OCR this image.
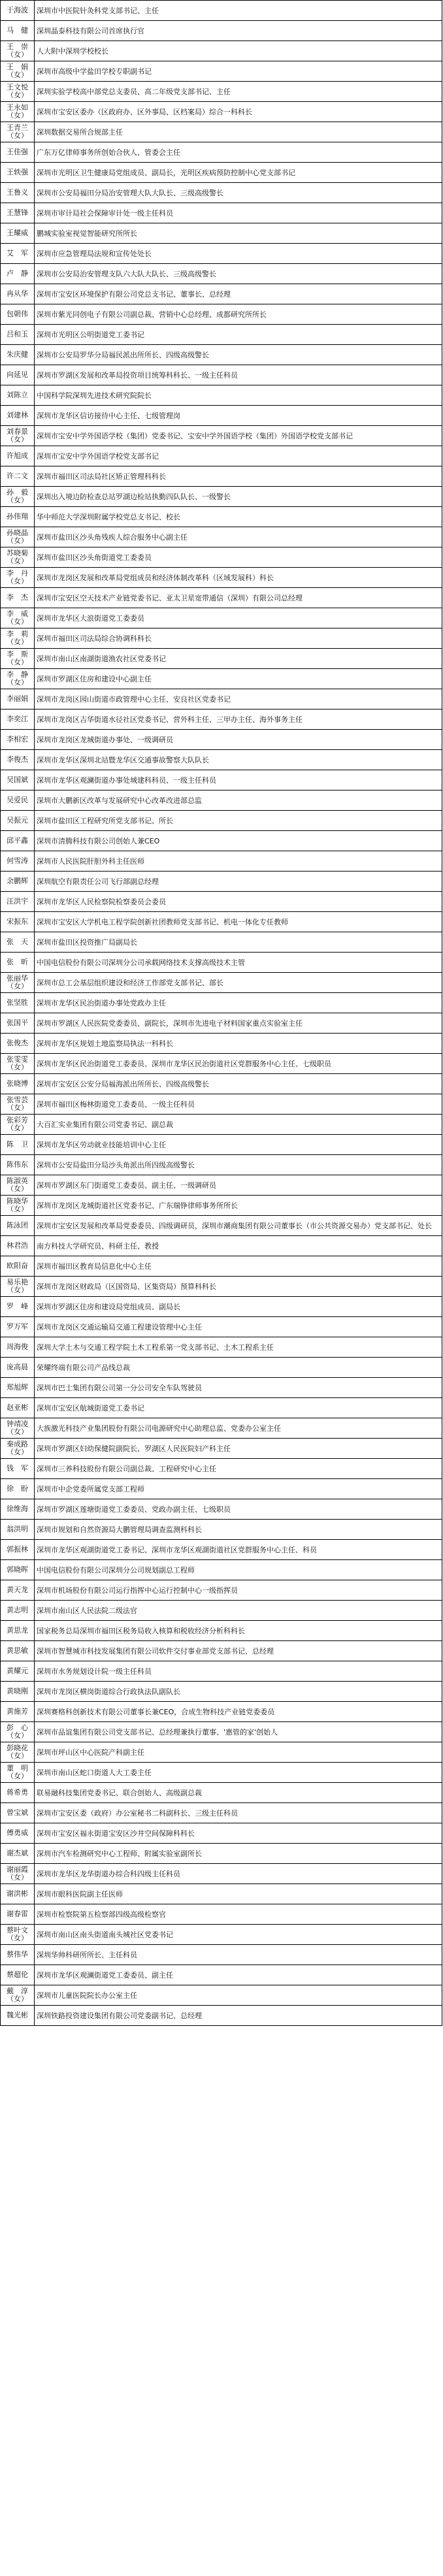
于海波	深圳市中医院针灸科党支部书记、主任
马　健	深圳晶泰科技有限公司首席执行官
王　崇
（女）	人大附中深圳学校校长
王　娟
（女）	深圳市高级中学盐田学校专职副书记
王文悦
（女）	深圳实验学校高中部党总支委员、高二年级党支部书记、主任
王永如
（女）	深圳市宝安区委办（区政府办、区外事局、区档案局）综合一科科长
王青兰
（女）	深圳数据交易所合规部主任
王佳强	广东万亿律师事务所创始合伙人、管委会主任
王轶强	深圳市光明区卫生健康局党组成员、副局长，光明区疾病预防控制中心党支部书记
王鲁义	深圳市公安局福田分局治安管理大队大队长、三级高级警长
王慧锋	深圳市审计局社会保障审计处一级主任科员
王耀威	鹏城实验室视觉智能研究所所长
艾　军	深圳市应急管理局法规和宣传处处长
卢　静	深圳市公安局治安管理支队六大队大队长、三级高级警长
冉从华	深圳市宝安区环境保护有限公司党总支书记、董事长、总经理
包朝伟	深圳市紫光同创电子有限公司副总裁、营销中心总经理、成都研究所所长
吕和玉	深圳市光明区公明街道党工委书记
朱庆健	深圳市公安局罗华分局福民派出所所长、四级高级警长
向延见	深圳市罗湖区发展和改革局投资项目统筹科科长、一级主任科员
刘陈立	中国科学院深圳先进技术研究院院长
刘建林	深圳市龙华区信访接待中心主任、七级管理岗
刘春景
（女）	深圳市宝安中学外国语学校（集团）党委书记、宝安中学外国语学校（集团）外国语学校党支部书记
许旭成	深圳市宝安中学外国语学校党支部书记
许二文	深圳市福田区司法局社区矫正管理科科长
孙　毅
（女）	深圳出入境边防检查总站罗湖边检站执勤四队队长、一级警长
孙伟翔	华中师范大学深圳附属学校党总支书记、校长
孙晓晶
（女）	深圳市盐田区沙头角残疾人综合服务中心副主任
苏晓菊
（女）	深圳市盐田区沙头角街道党工委委员
李　丹
（女）	深圳市龙岗区发展和改革局党组成员和经济体制改革科（区域发展科）科长
李　杰	深圳市宝安区空天技术产业链党委书记、亚太卫星宽带通信（深圳）有限公司总经理
李　威
（女）	深圳市龙华区大浪街道党工委委员
李　莉
（女）	深圳市福田区司法局综合协调科科长
李　斯
（女）	深圳市南山区南湖街道渔农社区党委书记
李　静
（女）	深圳市罗湖区住房和建设中心副主任
李丽娟	深圳市龙岗区园山街道市政管理中心主任、安良社区党委书记
李奕江	深圳市龙岗区吉华街道水径社区党委书记、营外科主任、三甲办主任、海外事务主任
李相宏	深圳市龙岗区龙城街道办事处、一级调研员
李俊杰	深圳市龙华区深圳北站暨龙华区交通事故警察大队队长
吴国斌	深圳市龙华区观澜街道办事处城建科科员、一级主任科员
吴爱民	深圳市大鹏新区改革与发展研究中心改革改进部总监
吴振元	深圳市盐田区工程研究所党支部书记、所长
邱平鑫	深圳市清腾科技有限公司创始人兼CEO
何雪涛	深圳市人民医院肝胆外科主任医师
余鹏辉	深圳航空有限责任公司飞行部副总经理
汪洪宇	深圳市龙华区人民检察院检察委员会委员
宋振东	深圳市宝安区大学机电工程学院创新社团教师党支部书记、机电一体化专任教师
张　天	深圳市盐田区投资推广局副局长
张　昕	中国电信股份有限公司深圳分公司承载网络技术支撑高级技术主管
张丽华
（女）	深圳市总工会基层组织建设和经济工作部党支部书记、部长
张坚胜	深圳市龙华区民治街道办事处党政办主任
张国平	深圳市罗湖区人民医院党委委员、副院长，深圳市先进电子材料国家重点实验室主任
张俊杰	深圳市龙华区规划土地监察局执法一科科长
张雯雯
（女）	深圳市龙华区民治街道党工委委员、深圳市龙华区民治街道社区党群服务中心主任、七级职员
张晓博	深圳市宝安区公安分局福海派出所所长、四级高级警长
张雪芸
（女）	深圳市福田区梅林街道党工委委员、一级主任科员
张彩芳
（女）	大百汇实业集团有限公司党委书记、副总裁
陈　卫	深圳市龙华区劳动就业技能培训中心主任
陈伟东	深圳市公安局盐田分局沙头角派出所四级高级警长
陈淑英
（女）	深圳市罗湖区东门街道党工委委员、副主任、一级调研员
陈晓华
（女）	深圳市龙岗区龙城街道社区党委书记、广东瑞铮律师事务所所长
陈泳团	深圳市宝安区发展和改革局党委委员、四级调研员，深圳市潮商集团有限公司董事长（市公共资源交易办）党支部书记、处长
林君浩	南方科技大学研究员、科研主任、教授
欧阳奋	深圳市福田区教育局信息化中心主任
易乐艳
（女）	深圳市龙岗区财政局（区国资局、区集资局）预算科科长
罗　峰	深圳市罗湖区住房和建设局党组成员、副局长
罗万军	深圳市龙岗区交通运输局交通工程建设管理中心主任
周海俊	深圳大学土木与交通工程学院土木工程系第一党支部书记、土木工程系主任
庞高晨	荣耀终端有限公司产品线总裁
郑旭辉	深圳市巴士集团有限公司第一分公司安全车队驾驶员
赵亚彬	深圳市宝安区航城街道党工委书记
钟靖凌
（女）	大族激光科技产业集团股份有限公司电源研究中心助理总监、党委办公室主任
秦成路
（女）	深圳市罗湖区妇幼保健院副院长、罗湖区人民医院妇产科主任
钱　军	深圳市三养科技股份有限公司副总裁、工程研究中心主任
徐　盼	深圳市中企党委所属党支部工程师
徐维海	深圳市罗湖区莲塘街道党工委委员、党政办副主任、七级职员
翁洪明	深圳市规划和自然资源局大鹏管理局调查监测科科长
郭振林	深圳市龙华区观湖街道党工委书记、深圳市龙华区观湖街道社区党群服务中心主任、科员
郭晓晖	中国电信股份有限公司深圳分公司规划副总工程师
黄天龙	深圳市机场股份有限公司运行指挥中心运行控制中心一级指挥员
黄志明	深圳市南山区人民法院二级法官
黄思龙	国家税务总局深圳市福田区税务局收入核算和税收经济分析科科长
黄思敏	深圳市智慧城市科技发展集团有限公司软件交付事业部党支部书记、总经理
黄耀元	深圳市水务规划设计院一级主任科员
黄晓刚	深圳市龙岗区横岗街道综合行政执法队副队长
黄施芳	深圳赛格科创新技术有限公司董事长兼CEO，合成生物科技产业链党委委员
彭　心
（女）	深圳市品谊集团有限公司党支部书记、总经理兼执行董事、'惠管的家'创始人
彭晓花
（女）	深圳市坪山区中心医院产科副主任
董　明
（女）	深圳市南山区蛇口街道人大工委主任
蒋希勇	联易融科技集团党委书记、联合创始人、高级副总裁
曾宝斌	深圳市宝安区委（政府）办公室秘书二科副科长、三级主任科员
傅勇威	深圳市宝安区福永街道宝安区沙井空间保障科科长
谢杰斌	深圳市汽车检测研究中心工程师、附属实验室副所长
谢丽霞
（女）	深圳市龙华区龙华街道办综合科四级主任科员
谢洪彬	深圳市眼科医院副主任医师
谢春雷	深圳市检察院第五检察部四级高级检察官
蔡叶文
（女）	深圳市南山区南头街道南头城社区党委书记
蔡伟华	深圳华帅科研所所长、主任科员
蔡超伦	深圳市龙华区观澜街道党工委委员、副主任
戴　淳
（女）	深圳市儿童医院院长办公室主任
魏光彬	深圳铁路投资建设集团有限公司党委副书记、总经理
